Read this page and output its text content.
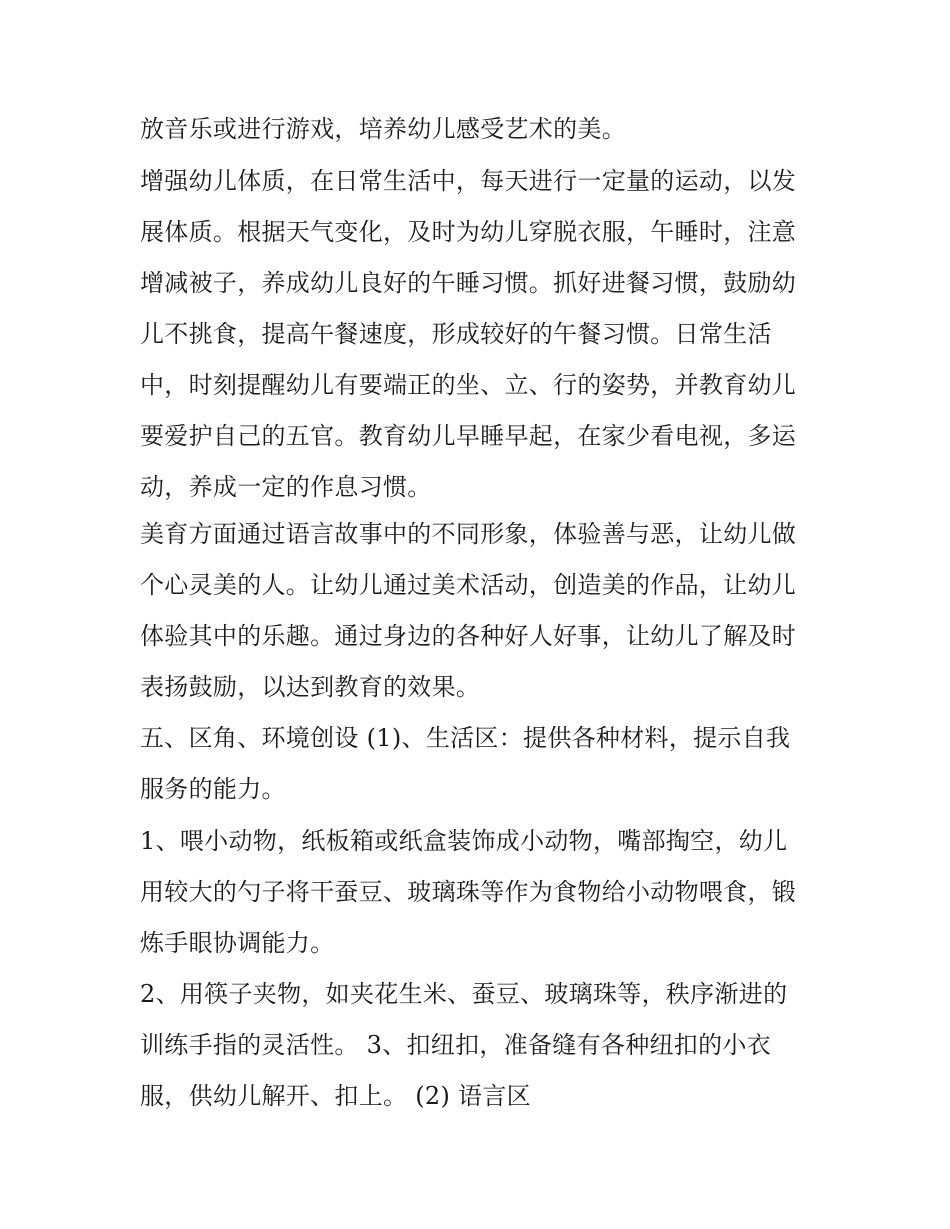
放音乐或进行游戏，培养幼儿感受艺术的美。
增强幼儿体质，在日常生活中，每天进行一定量的运动，以发
展体质。根据天气变化，及时为幼儿穿脱衣服，午睡时，注意
增减被子，养成幼儿良好的午睡习惯。抓好进餐习惯，鼓励幼
儿不挑食，提高午餐速度，形成较好的午餐习惯。日常生活
中，时刻提醒幼儿有要端正的坐、立、行的姿势，并教育幼儿
要爱护自己的五官。教育幼儿早睡早起，在家少看电视，多运
动，养成一定的作息习惯。
美育方面通过语言故事中的不同形象，体验善与恶，让幼儿做
个心灵美的人。让幼儿通过美术活动，创造美的作品，让幼儿
体验其中的乐趣。通过身边的各种好人好事，让幼儿了解及时
表扬鼓励，以达到教育的效果。
五、区角、环境创设 (1)、生活区：提供各种材料，提示自我
服务的能力。
1、喂小动物，纸板箱或纸盒装饰成小动物，嘴部掏空，幼儿
用较大的勺子将干蚕豆、玻璃珠等作为食物给小动物喂食，锻
炼手眼协调能力。
2、用筷子夹物，如夹花生米、蚕豆、玻璃珠等，秩序渐进的
训练手指的灵活性。 3、扣纽扣，准备缝有各种纽扣的小衣
服，供幼儿解开、扣上。 (2) 语言区
